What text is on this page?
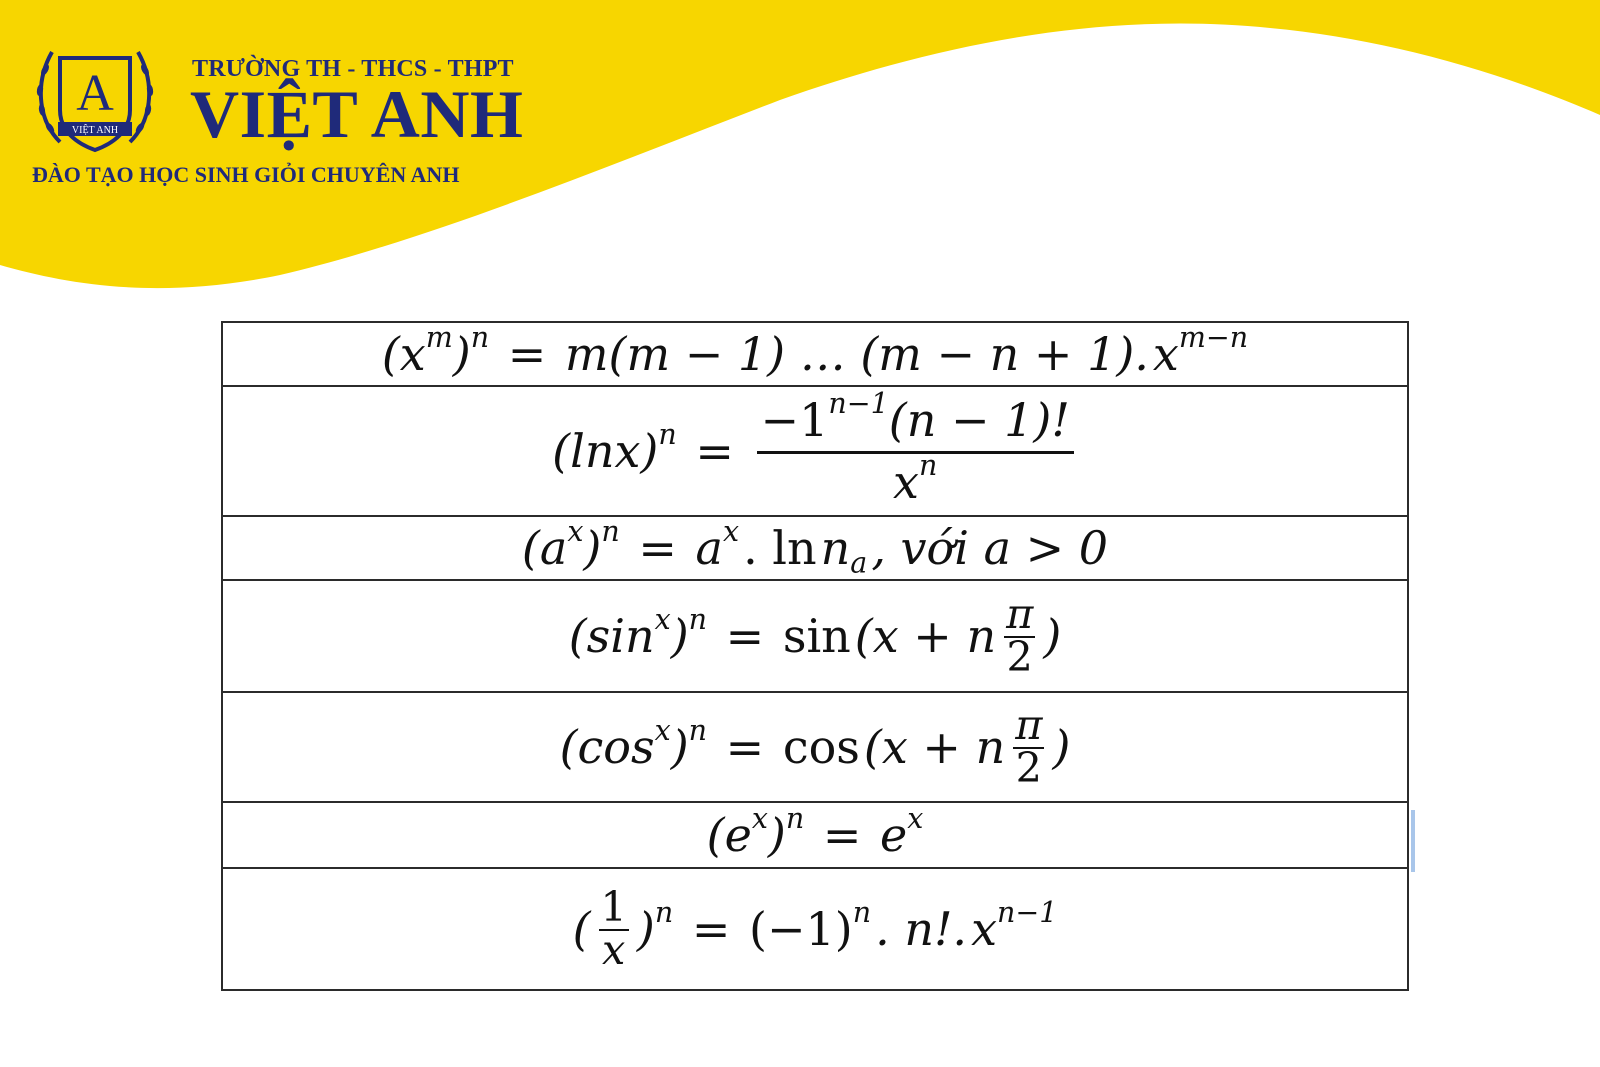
A
VIỆT ANH
TRƯỜNG TH - THCS - THPT
VIỆT ANH
ĐÀO TẠO HỌC SINH GIỎI CHUYÊN ANH
$(x^m)^n = m(m - 1)$ … (m − n + 1). $x^{m-n}$

$(\ln x)^n = \frac{-1^{n-1}(n - 1)!}{x^n}$

$(a^x)^n = a^x$ . $\ln n_a$ , với a > 0

$(\sin^x)^n = \sin (x + n \frac{\pi}{2}$ )

$(\cos^x)^n = \cos (x + n \frac{\pi}{2}$ )

$(e^x)^n = e^x$

( $\frac{1}{x} )^n = (-1)^n$ . n!. $x^{n-1}$
